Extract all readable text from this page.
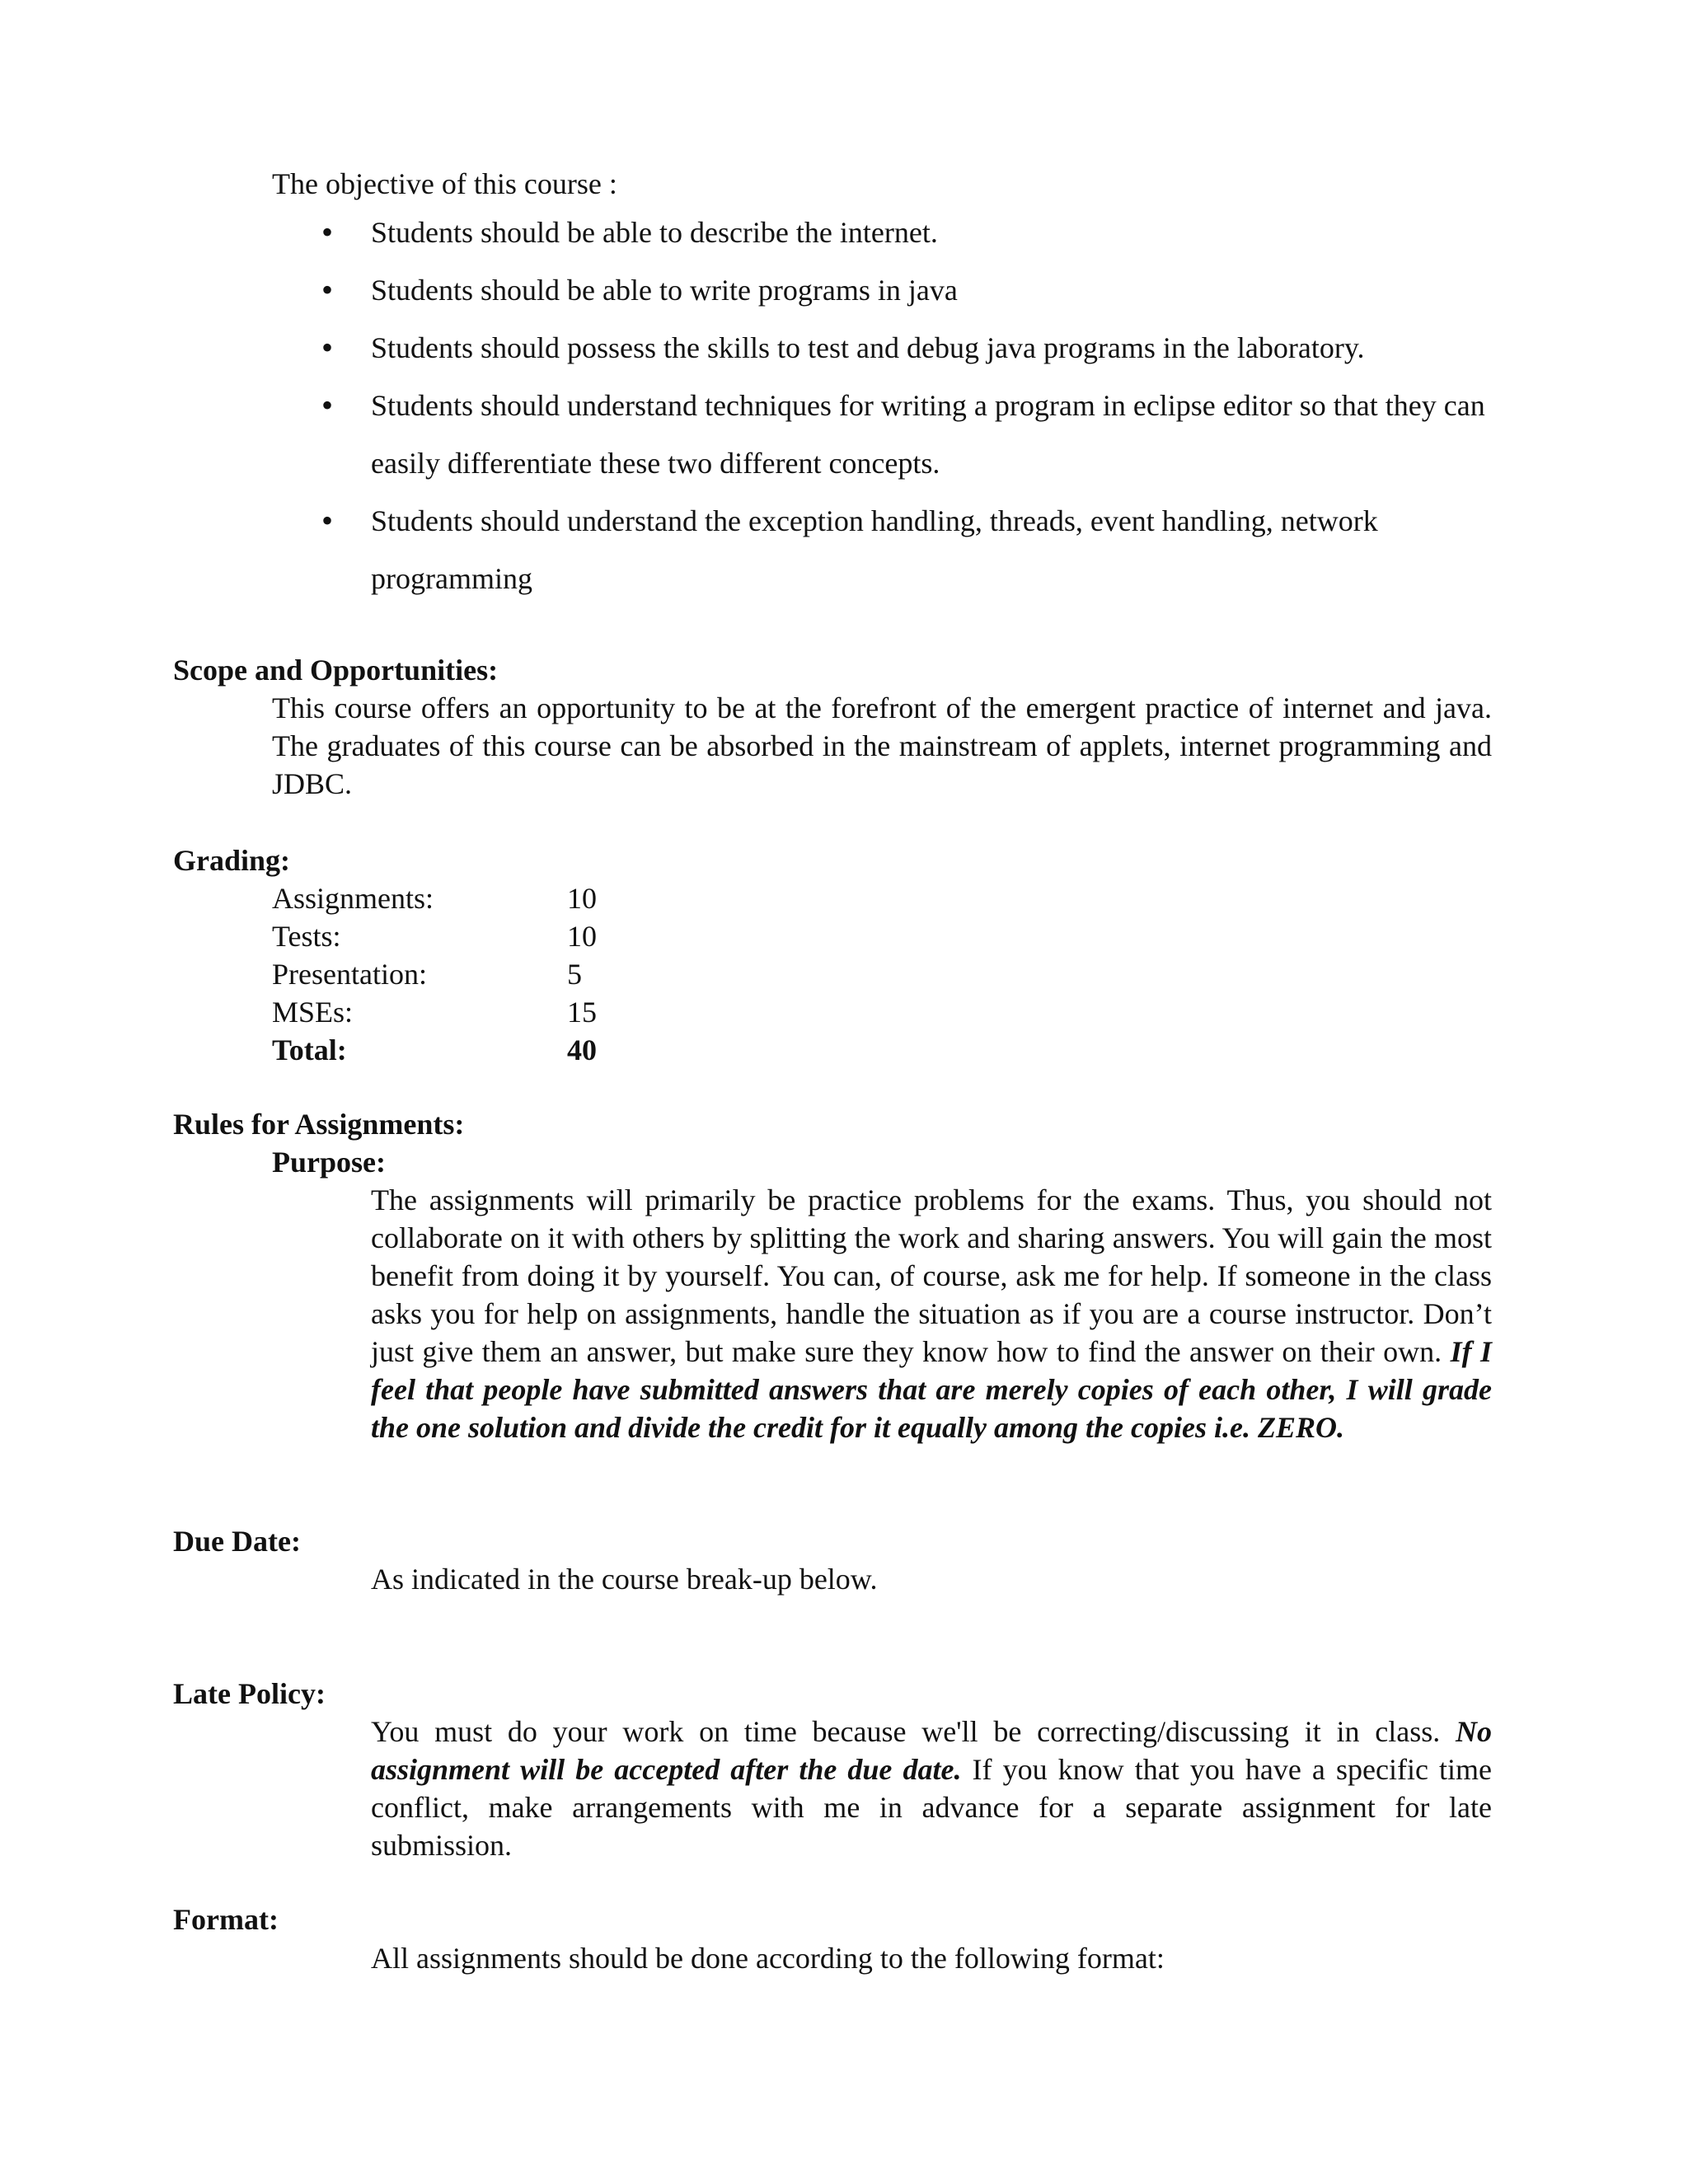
The objective of this course :
• Students should be able to describe the internet.
• Students should be able to write programs in java
• Students should possess the skills to test and debug java programs in the laboratory.
• Students should understand techniques for writing a program in eclipse editor so that they can easily differentiate these two different concepts.
• Students should understand the exception handling, threads, event handling, network programming
Scope and Opportunities:
This course offers an opportunity to be at the forefront of the emergent practice of internet and java. The graduates of this course can be absorbed in the mainstream of applets, internet programming and JDBC.
Grading:
Assignments:	10
Tests:	10
Presentation:	5
MSEs:	15
Total:	40
Rules for Assignments:
Purpose:
The assignments will primarily be practice problems for the exams. Thus, you should not collaborate on it with others by splitting the work and sharing answers. You will gain the most benefit from doing it by yourself. You can, of course, ask me for help. If someone in the class asks you for help on assignments, handle the situation as if you are a course instructor. Don’t just give them an answer, but make sure they know how to find the answer on their own. If I feel that people have submitted answers that are merely copies of each other, I will grade the one solution and divide the credit for it equally among the copies i.e. ZERO.
Due Date:
As indicated in the course break-up below.
Late Policy:
You must do your work on time because we'll be correcting/discussing it in class. No assignment will be accepted after the due date. If you know that you have a specific time conflict, make arrangements with me in advance for a separate assignment for late submission.
Format:
All assignments should be done according to the following format:
